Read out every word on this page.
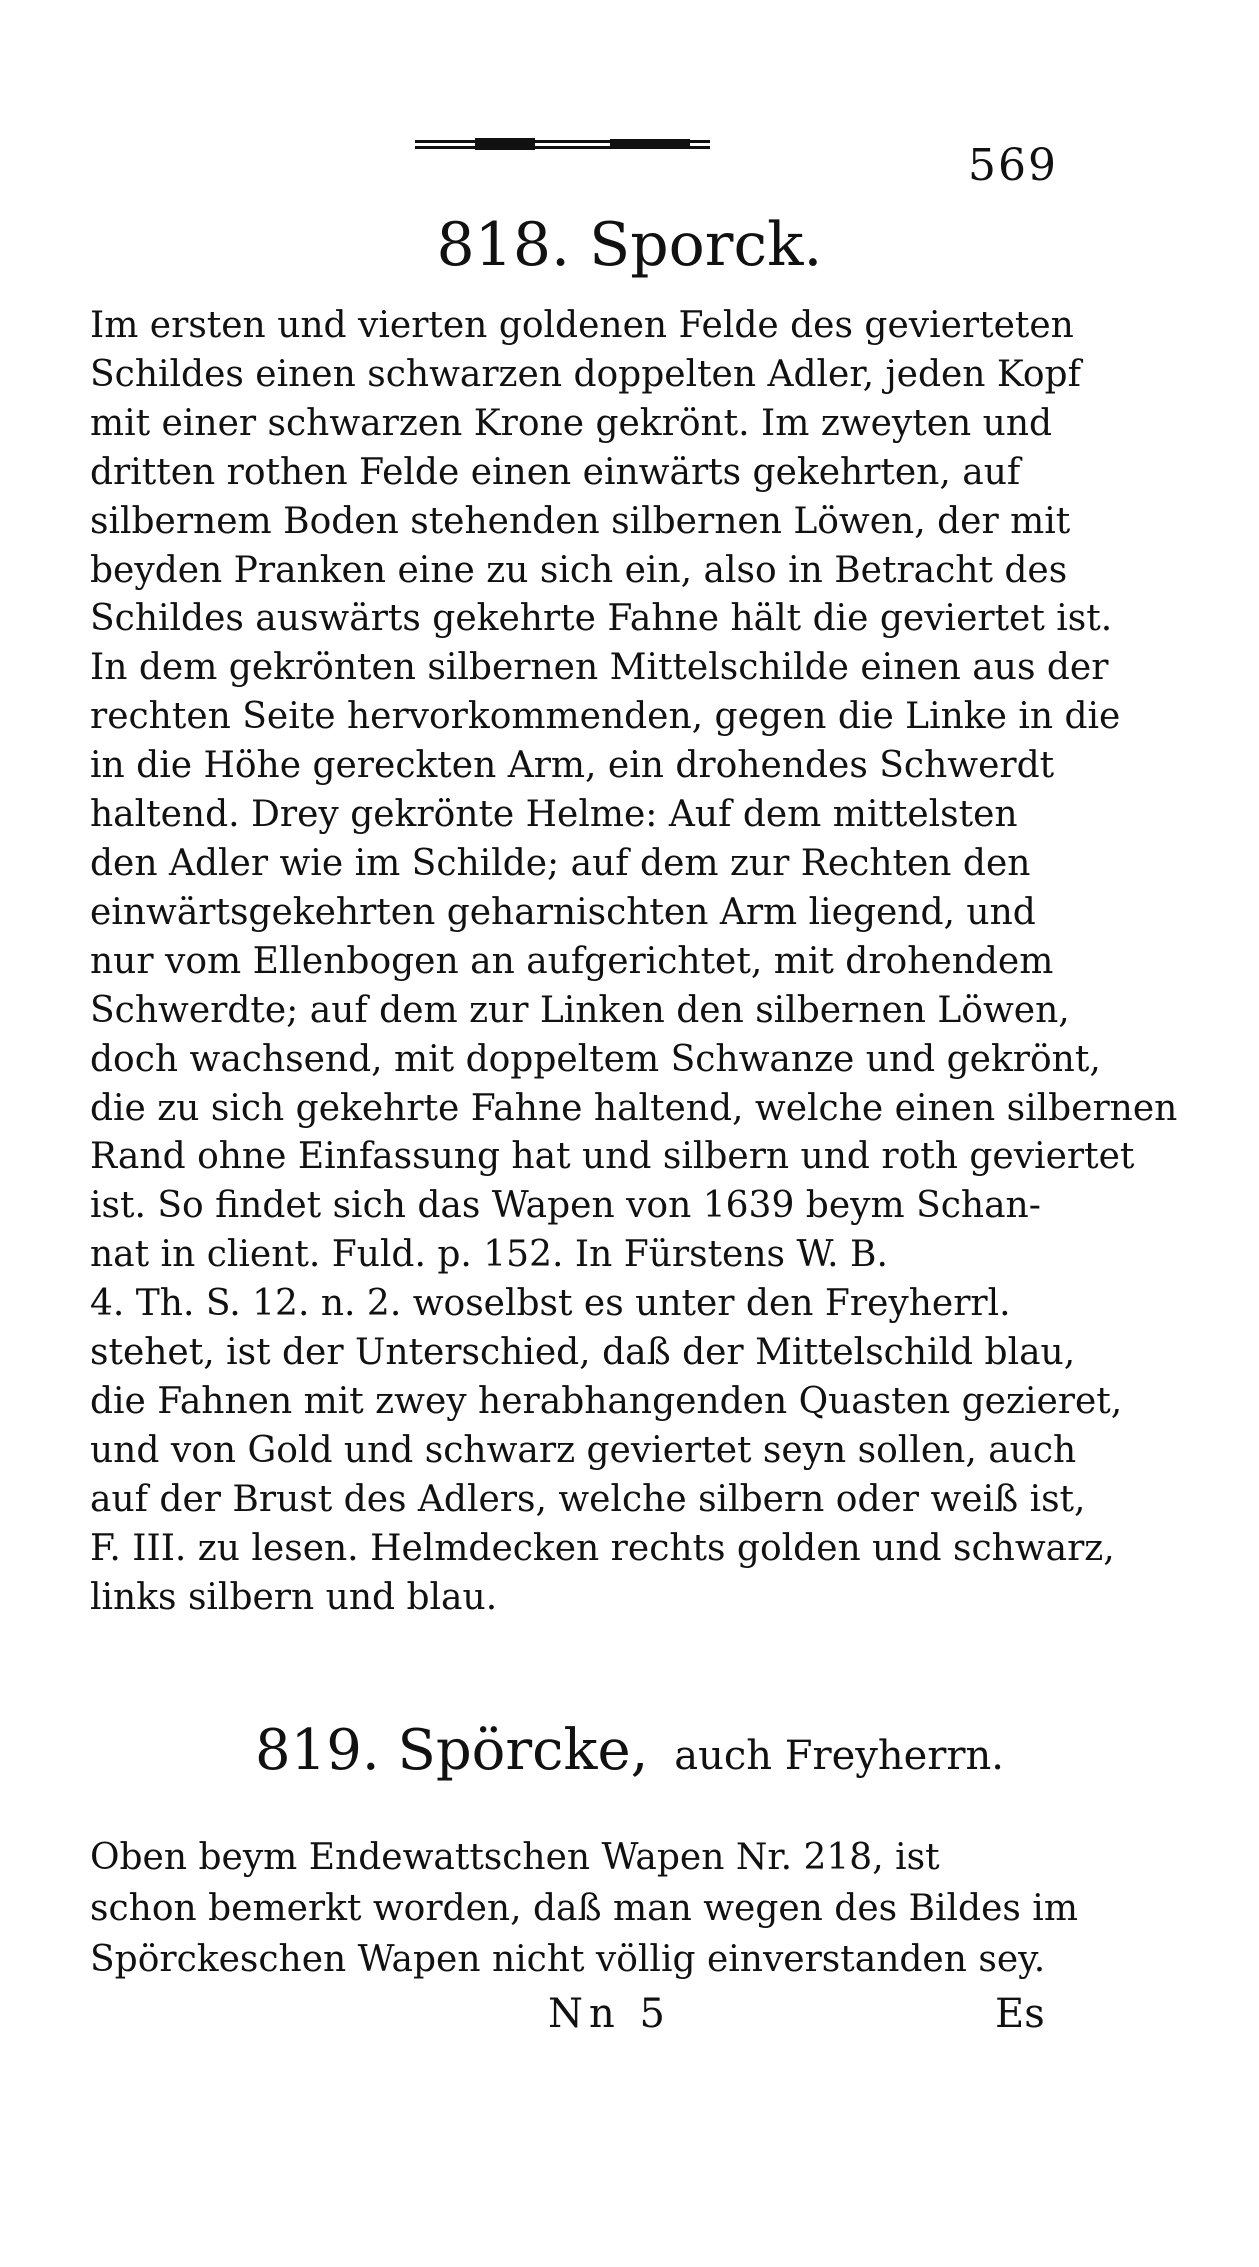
569
818. Sporck.
Im ersten und vierten goldenen Felde des gevierteten
Schildes einen schwarzen doppelten Adler, jeden Kopf
mit einer schwarzen Krone gekrönt. Im zweyten und
dritten rothen Felde einen einwärts gekehrten, auf
silbernem Boden stehenden silbernen Löwen, der mit
beyden Pranken eine zu sich ein, also in Betracht des
Schildes auswärts gekehrte Fahne hält die geviertet ist.
In dem gekrönten silbernen Mittelschilde einen aus der
rechten Seite hervorkommenden, gegen die Linke in die
in die Höhe gereckten Arm, ein drohendes Schwerdt
haltend. Drey gekrönte Helme: Auf dem mittelsten
den Adler wie im Schilde; auf dem zur Rechten den
einwärtsgekehrten geharnischten Arm liegend, und
nur vom Ellenbogen an aufgerichtet, mit drohendem
Schwerdte; auf dem zur Linken den silbernen Löwen,
doch wachsend, mit doppeltem Schwanze und gekrönt,
die zu sich gekehrte Fahne haltend, welche einen silbernen
Rand ohne Einfassung hat und silbern und roth geviertet
ist. So findet sich das Wapen von 1639 beym Schan-
nat in client. Fuld. p. 152. In Fürstens W. B.
4. Th. S. 12. n. 2. woselbst es unter den Freyherrl.
stehet, ist der Unterschied, daß der Mittelschild blau,
die Fahnen mit zwey herabhangenden Quasten gezieret,
und von Gold und schwarz geviertet seyn sollen, auch
auf der Brust des Adlers, welche silbern oder weiß ist,
F. III. zu lesen. Helmdecken rechts golden und schwarz,
links silbern und blau.
819. Spörcke, auch Freyherrn.
Oben beym Endewattschen Wapen Nr. 218, ist
schon bemerkt worden, daß man wegen des Bildes im
Spörckeschen Wapen nicht völlig einverstanden sey.
Nn 5	Es
